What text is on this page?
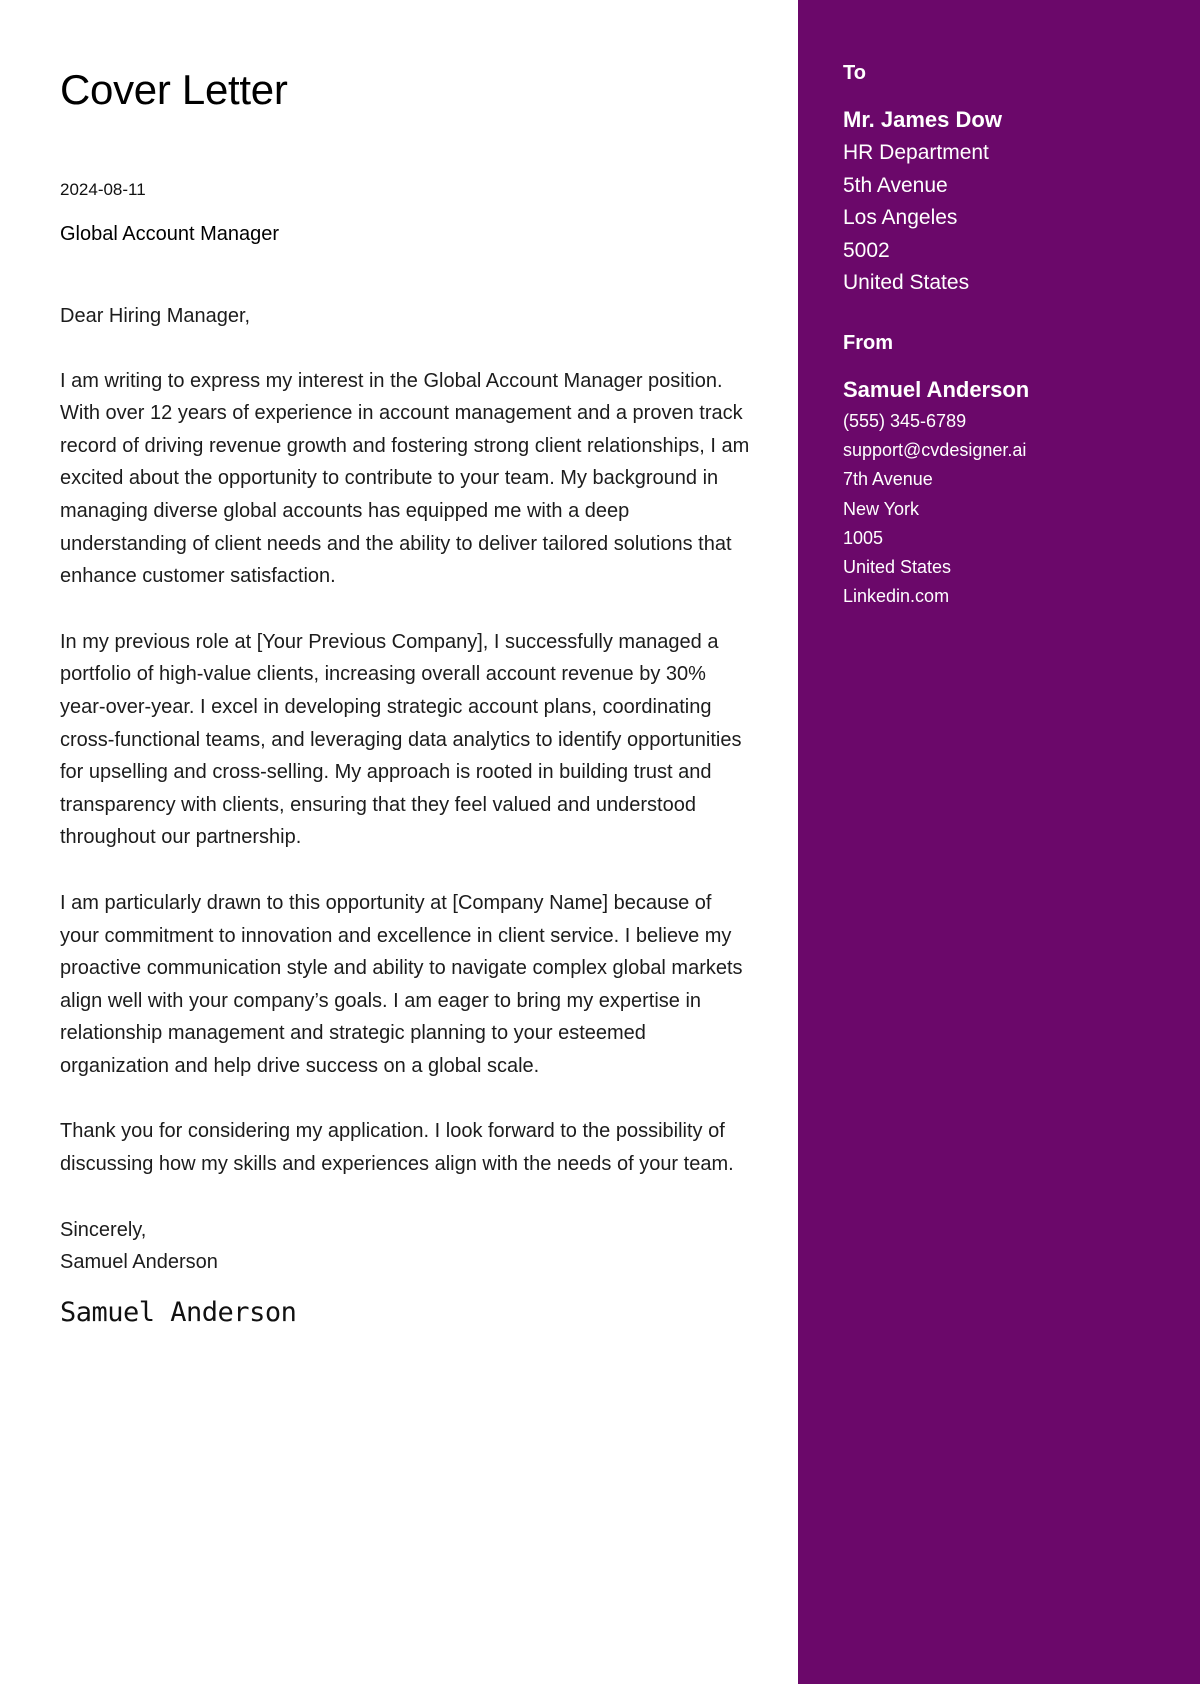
Cover Letter
2024-08-11
Global Account Manager

Dear Hiring Manager,

I am writing to express my interest in the Global Account Manager position. With over 12 years of experience in account management and a proven track record of driving revenue growth and fostering strong client relationships, I am excited about the opportunity to contribute to your team. My background in managing diverse global accounts has equipped me with a deep understanding of client needs and the ability to deliver tailored solutions that enhance customer satisfaction.

In my previous role at [Your Previous Company], I successfully managed a portfolio of high-value clients, increasing overall account revenue by 30% year-over-year. I excel in developing strategic account plans, coordinating cross-functional teams, and leveraging data analytics to identify opportunities for upselling and cross-selling. My approach is rooted in building trust and transparency with clients, ensuring that they feel valued and understood throughout our partnership.

I am particularly drawn to this opportunity at [Company Name] because of your commitment to innovation and excellence in client service. I believe my proactive communication style and ability to navigate complex global markets align well with your company’s goals. I am eager to bring my expertise in relationship management and strategic planning to your esteemed organization and help drive success on a global scale.

Thank you for considering my application. I look forward to the possibility of discussing how my skills and experiences align with the needs of your team.

Sincerely,

Samuel Anderson

Samuel Anderson
To
Mr. James Dow
HR Department
5th Avenue
Los Angeles
5002
United States
From
Samuel Anderson
(555) 345-6789
support@cvdesigner.ai
7th Avenue
New York
1005
United States
Linkedin.com
